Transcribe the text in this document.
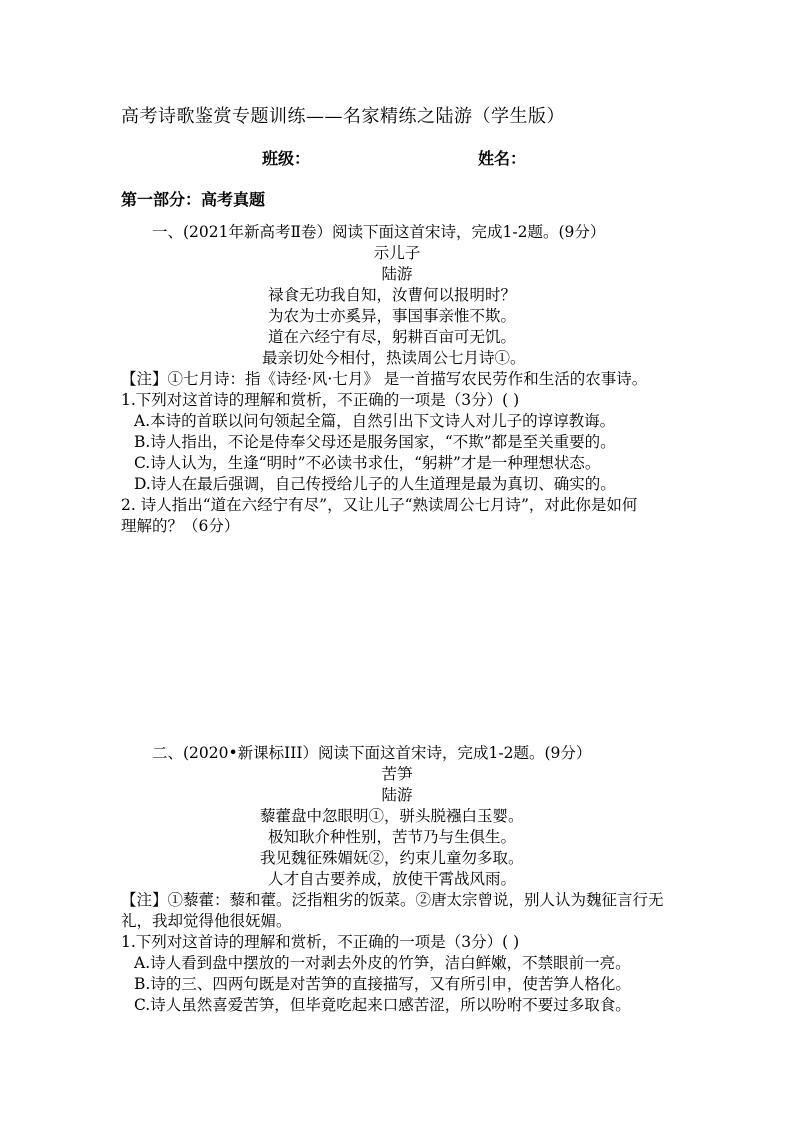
高考诗歌鉴赏专题训练——名家精练之陆游（学生版）
班级：	姓名：
第一部分：高考真题
一、(2021年新高考Ⅱ卷）阅读下面这首宋诗，完成1-2题。(9分）
示儿子
陆游
禄食无功我自知，汝曹何以报明时？
为农为士亦奚异，事国事亲惟不欺。
道在六经宁有尽，躬耕百亩可无饥。
最亲切处今相付，热读周公七月诗①。
【注】①七月诗：指《诗经·风·七月》 是一首描写农民劳作和生活的农事诗。
1.下列对这首诗的理解和赏析，不正确的一项是（3分）( )
A.本诗的首联以问句领起全篇，自然引出下文诗人对儿子的谆谆教诲。
B.诗人指出，不论是侍奉父母还是服务国家，“不欺”都是至关重要的。
C.诗人认为，生逢“明时”不必读书求仕，“躬耕”才是一种理想状态。
D.诗人在最后强调，自己传授给儿子的人生道理是最为真切、确实的。
2. 诗人指出“道在六经宁有尽”，又让儿子“熟读周公七月诗”，对此你是如何
理解的？（6分）
二、(2020•新课标III）阅读下面这首宋诗，完成1-2题。(9分）
苦笋
陆游
藜藿盘中忽眼明①，骈头脱襁白玉婴。
极知耿介种性别，苦节乃与生俱生。
我见魏征殊媚妩②，约束儿童勿多取。
人才自古要养成，放使干霄战风雨。
【注】①藜藿：藜和藿。泛指粗劣的饭菜。②唐太宗曾说，别人认为魏征言行无
礼，我却觉得他很妩媚。
1.下列对这首诗的理解和赏析，不正确的一项是（3分）( )
A.诗人看到盘中摆放的一对剥去外皮的竹笋，洁白鲜嫩，不禁眼前一亮。
B.诗的三、四两句既是对苦笋的直接描写，又有所引申，使苦笋人格化。
C.诗人虽然喜爱苦笋，但毕竟吃起来口感苦涩，所以吩咐不要过多取食。
